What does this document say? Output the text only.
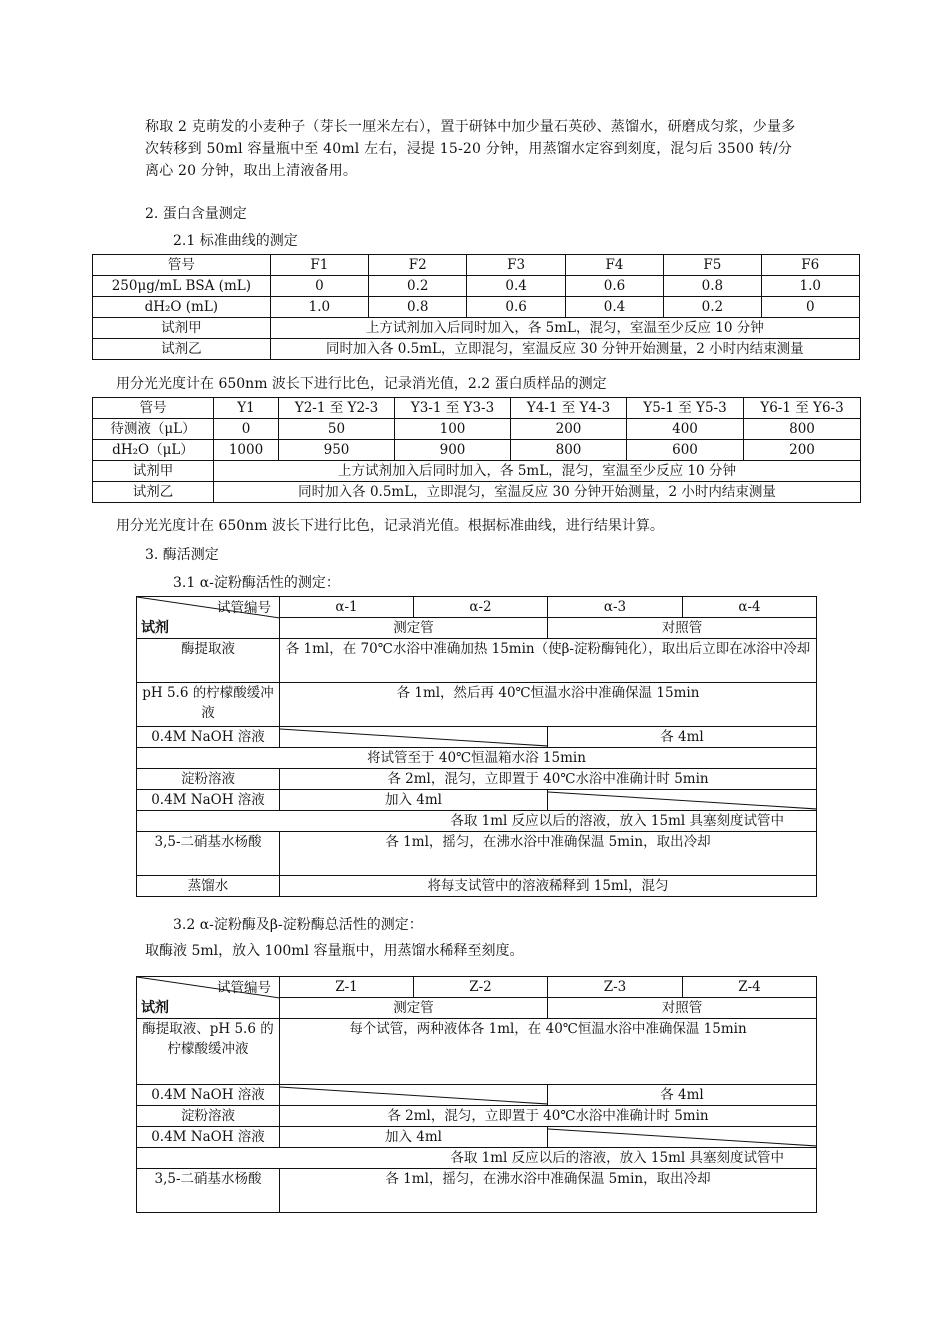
称取 2 克萌发的小麦种子（芽长一厘米左右），置于研钵中加少量石英砂、蒸馏水，研磨成匀浆，少量多次转移到 50ml 容量瓶中至 40ml 左右，浸提 15-20 分钟，用蒸馏水定容到刻度，混匀后 3500 转/分离心 20 分钟，取出上清液备用。
2. 蛋白含量测定
2.1 标准曲线的测定
管号	F1	F2	F3	F4	F5	F6
250μg/mL BSA (mL)	0	0.2	0.4	0.6	0.8	1.0
dH₂O (mL)	1.0	0.8	0.6	0.4	0.2	0
试剂甲	上方试剂加入后同时加入，各 5mL，混匀，室温至少反应 10 分钟					
试剂乙	同时加入各 0.5mL，立即混匀，室温反应 30 分钟开始测量，2 小时内结束测量					
用分光光度计在 650nm 波长下进行比色，记录消光值，2.2 蛋白质样品的测定
管号	Y1	Y2-1 至 Y2-3	Y3-1 至 Y3-3	Y4-1 至 Y4-3	Y5-1 至 Y5-3	Y6-1 至 Y6-3
待测液（μL）	0	50	100	200	400	800
dH₂O（μL）	1000	950	900	800	600	200
试剂甲	上方试剂加入后同时加入，各 5mL，混匀，室温至少反应 10 分钟					
试剂乙	同时加入各 0.5mL，立即混匀，室温反应 30 分钟开始测量，2 小时内结束测量					
用分光光度计在 650nm 波长下进行比色，记录消光值。根据标准曲线，进行结果计算。
3. 酶活测定
3.1 α-淀粉酶活性的测定：
试管编号
试剂	α-1	α-2	α-3	α-4
	测定管		对照管	
酶提取液	各 1ml，在 70℃水浴中准确加热 15min（使β-淀粉酶钝化），取出后立即在冰浴中冷却			
pH 5.6 的柠檬酸缓冲液	各 1ml，然后再 40℃恒温水浴中准确保温 15min			
0.4M NaOH 溶液			各 4ml	
将试管至于 40℃恒温箱水浴 15min				
淀粉溶液	各 2ml，混匀，立即置于 40℃水浴中准确计时 5min			
0.4M NaOH 溶液	加入 4ml	

各取 1ml 反应以后的溶液，放入 15ml 具塞刻度试管中				
3,5-二硝基水杨酸	各 1ml，摇匀，在沸水浴中准确保温 5min，取出冷却			
蒸馏水	将每支试管中的溶液稀释到 15ml，混匀			
3.2 α-淀粉酶及β-淀粉酶总活性的测定：
取酶液 5ml，放入 100ml 容量瓶中，用蒸馏水稀释至刻度。
试管编号
试剂	Z-1	Z-2	Z-3	Z-4
	测定管		对照管	
酶提取液、pH 5.6 的柠檬酸缓冲液	每个试管，两种液体各 1ml，在 40℃恒温水浴中准确保温 15min			
0.4M NaOH 溶液			各 4ml	
淀粉溶液	各 2ml，混匀，立即置于 40℃水浴中准确计时 5min			
0.4M NaOH 溶液	加入 4ml	

各取 1ml 反应以后的溶液，放入 15ml 具塞刻度试管中				
3,5-二硝基水杨酸	各 1ml，摇匀，在沸水浴中准确保温 5min，取出冷却			
